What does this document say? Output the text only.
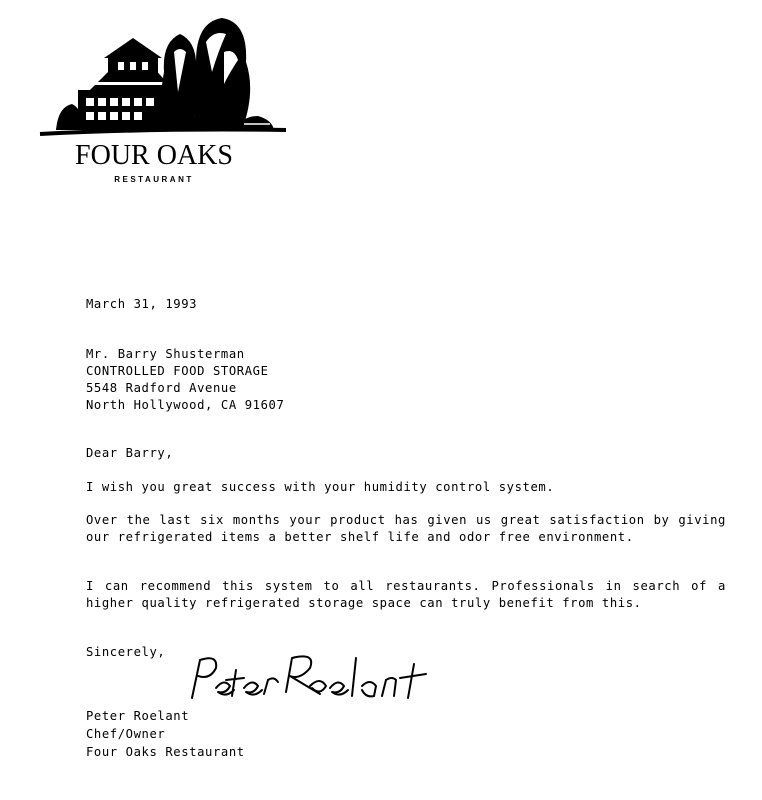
FOUR OAKS
RESTAURANT
March 31, 1993
Mr. Barry Shusterman
CONTROLLED FOOD STORAGE
5548 Radford Avenue
North Hollywood, CA 91607
Dear Barry,
I wish you great success with your humidity control system.
Over the last six months your product has given us great satisfaction by giving our refrigerated items a better shelf life and odor free environment.
I can recommend this system to all restaurants. Professionals in search of a higher quality refrigerated storage space can truly benefit from this.
Sincerely,
Peter Roelant
Chef/Owner
Four Oaks Restaurant
